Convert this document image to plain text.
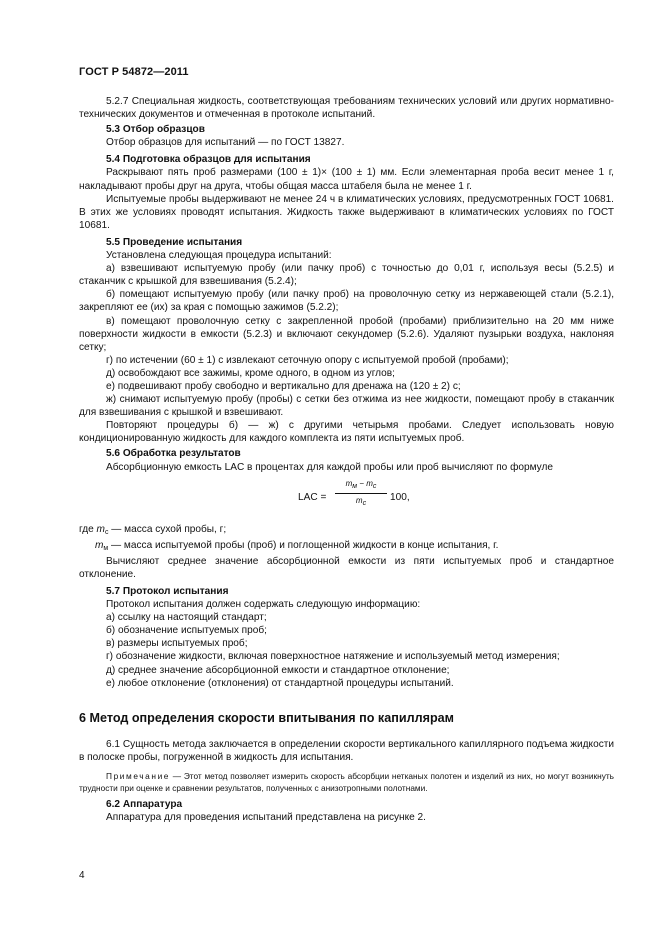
ГОСТ Р 54872—2011

5.2.7 Специальная жидкость, соответствующая требованиям технических условий или других нормативно-технических документов и отмеченная в протоколе испытаний.

5.3 Отбор образцов

Отбор образцов для испытаний — по ГОСТ 13827.

5.4 Подготовка образцов для испытания

Раскрывают пять проб размерами (100 ± 1)× (100 ± 1) мм. Если элементарная проба весит менее 1 г, накладывают пробы друг на друга, чтобы общая масса штабеля была не менее 1 г.

Испытуемые пробы выдерживают не менее 24 ч в климатических условиях, предусмотренных ГОСТ 10681. В этих же условиях проводят испытания. Жидкость также выдерживают в климатических условиях по ГОСТ 10681.

5.5 Проведение испытания

Установлена следующая процедура испытаний:

а) взвешивают испытуемую пробу (или пачку проб) с точностью до 0,01 г, используя весы (5.2.5) и стаканчик с крышкой для взвешивания (5.2.4);

б) помещают испытуемую пробу (или пачку проб) на проволочную сетку из нержавеющей стали (5.2.1), закрепляют ее (их) за края с помощью зажимов (5.2.2);

в) помещают проволочную сетку с закрепленной пробой (пробами) приблизительно на 20 мм ниже поверхности жидкости в емкости (5.2.3) и включают секундомер (5.2.6). Удаляют пузырьки воздуха, наклоняя сетку;

г) по истечении (60 ± 1) с извлекают сеточную опору с испытуемой пробой (пробами);

д) освобождают все зажимы, кроме одного, в одном из углов;

е) подвешивают пробу свободно и вертикально для дренажа на (120 ± 2) с;

ж) снимают испытуемую пробу (пробы) с сетки без отжима из нее жидкости, помещают пробу в стаканчик для взвешивания с крышкой и взвешивают.

Повторяют процедуры б) — ж) с другими четырьмя пробами. Следует использовать новую кондиционированную жидкость для каждого комплекта из пяти испытуемых проб.

5.6 Обработка результатов

Абсорбционную емкость LAC в процентах для каждой пробы или проб вычисляют по формуле

LAC =
$m_м - m_с$
$m_с$
100,

где $m_с$ — масса сухой пробы, г;

$m_м$ — масса испытуемой пробы (проб) и поглощенной жидкости в конце испытания, г.

Вычисляют среднее значение абсорбционной емкости из пяти испытуемых проб и стандартное отклонение.

5.7 Протокол испытания

Протокол испытания должен содержать следующую информацию:

а) ссылку на настоящий стандарт;

б) обозначение испытуемых проб;

в) размеры испытуемых проб;

г) обозначение жидкости, включая поверхностное натяжение и используемый метод измерения;

д) среднее значение абсорбционной емкости и стандартное отклонение;

е) любое отклонение (отклонения) от стандартной процедуры испытаний.

6 Метод определения скорости впитывания по капиллярам

6.1 Сущность метода заключается в определении скорости вертикального капиллярного подъема жидкости в полоске пробы, погруженной в жидкость для испытания.

Примечание — Этот метод позволяет измерить скорость абсорбции нетканых полотен и изделий из них, но могут возникнуть трудности при оценке и сравнении результатов, полученных с анизотропными полотнами.

6.2 Аппаратура

Аппаратура для проведения испытаний представлена на рисунке 2.

4
